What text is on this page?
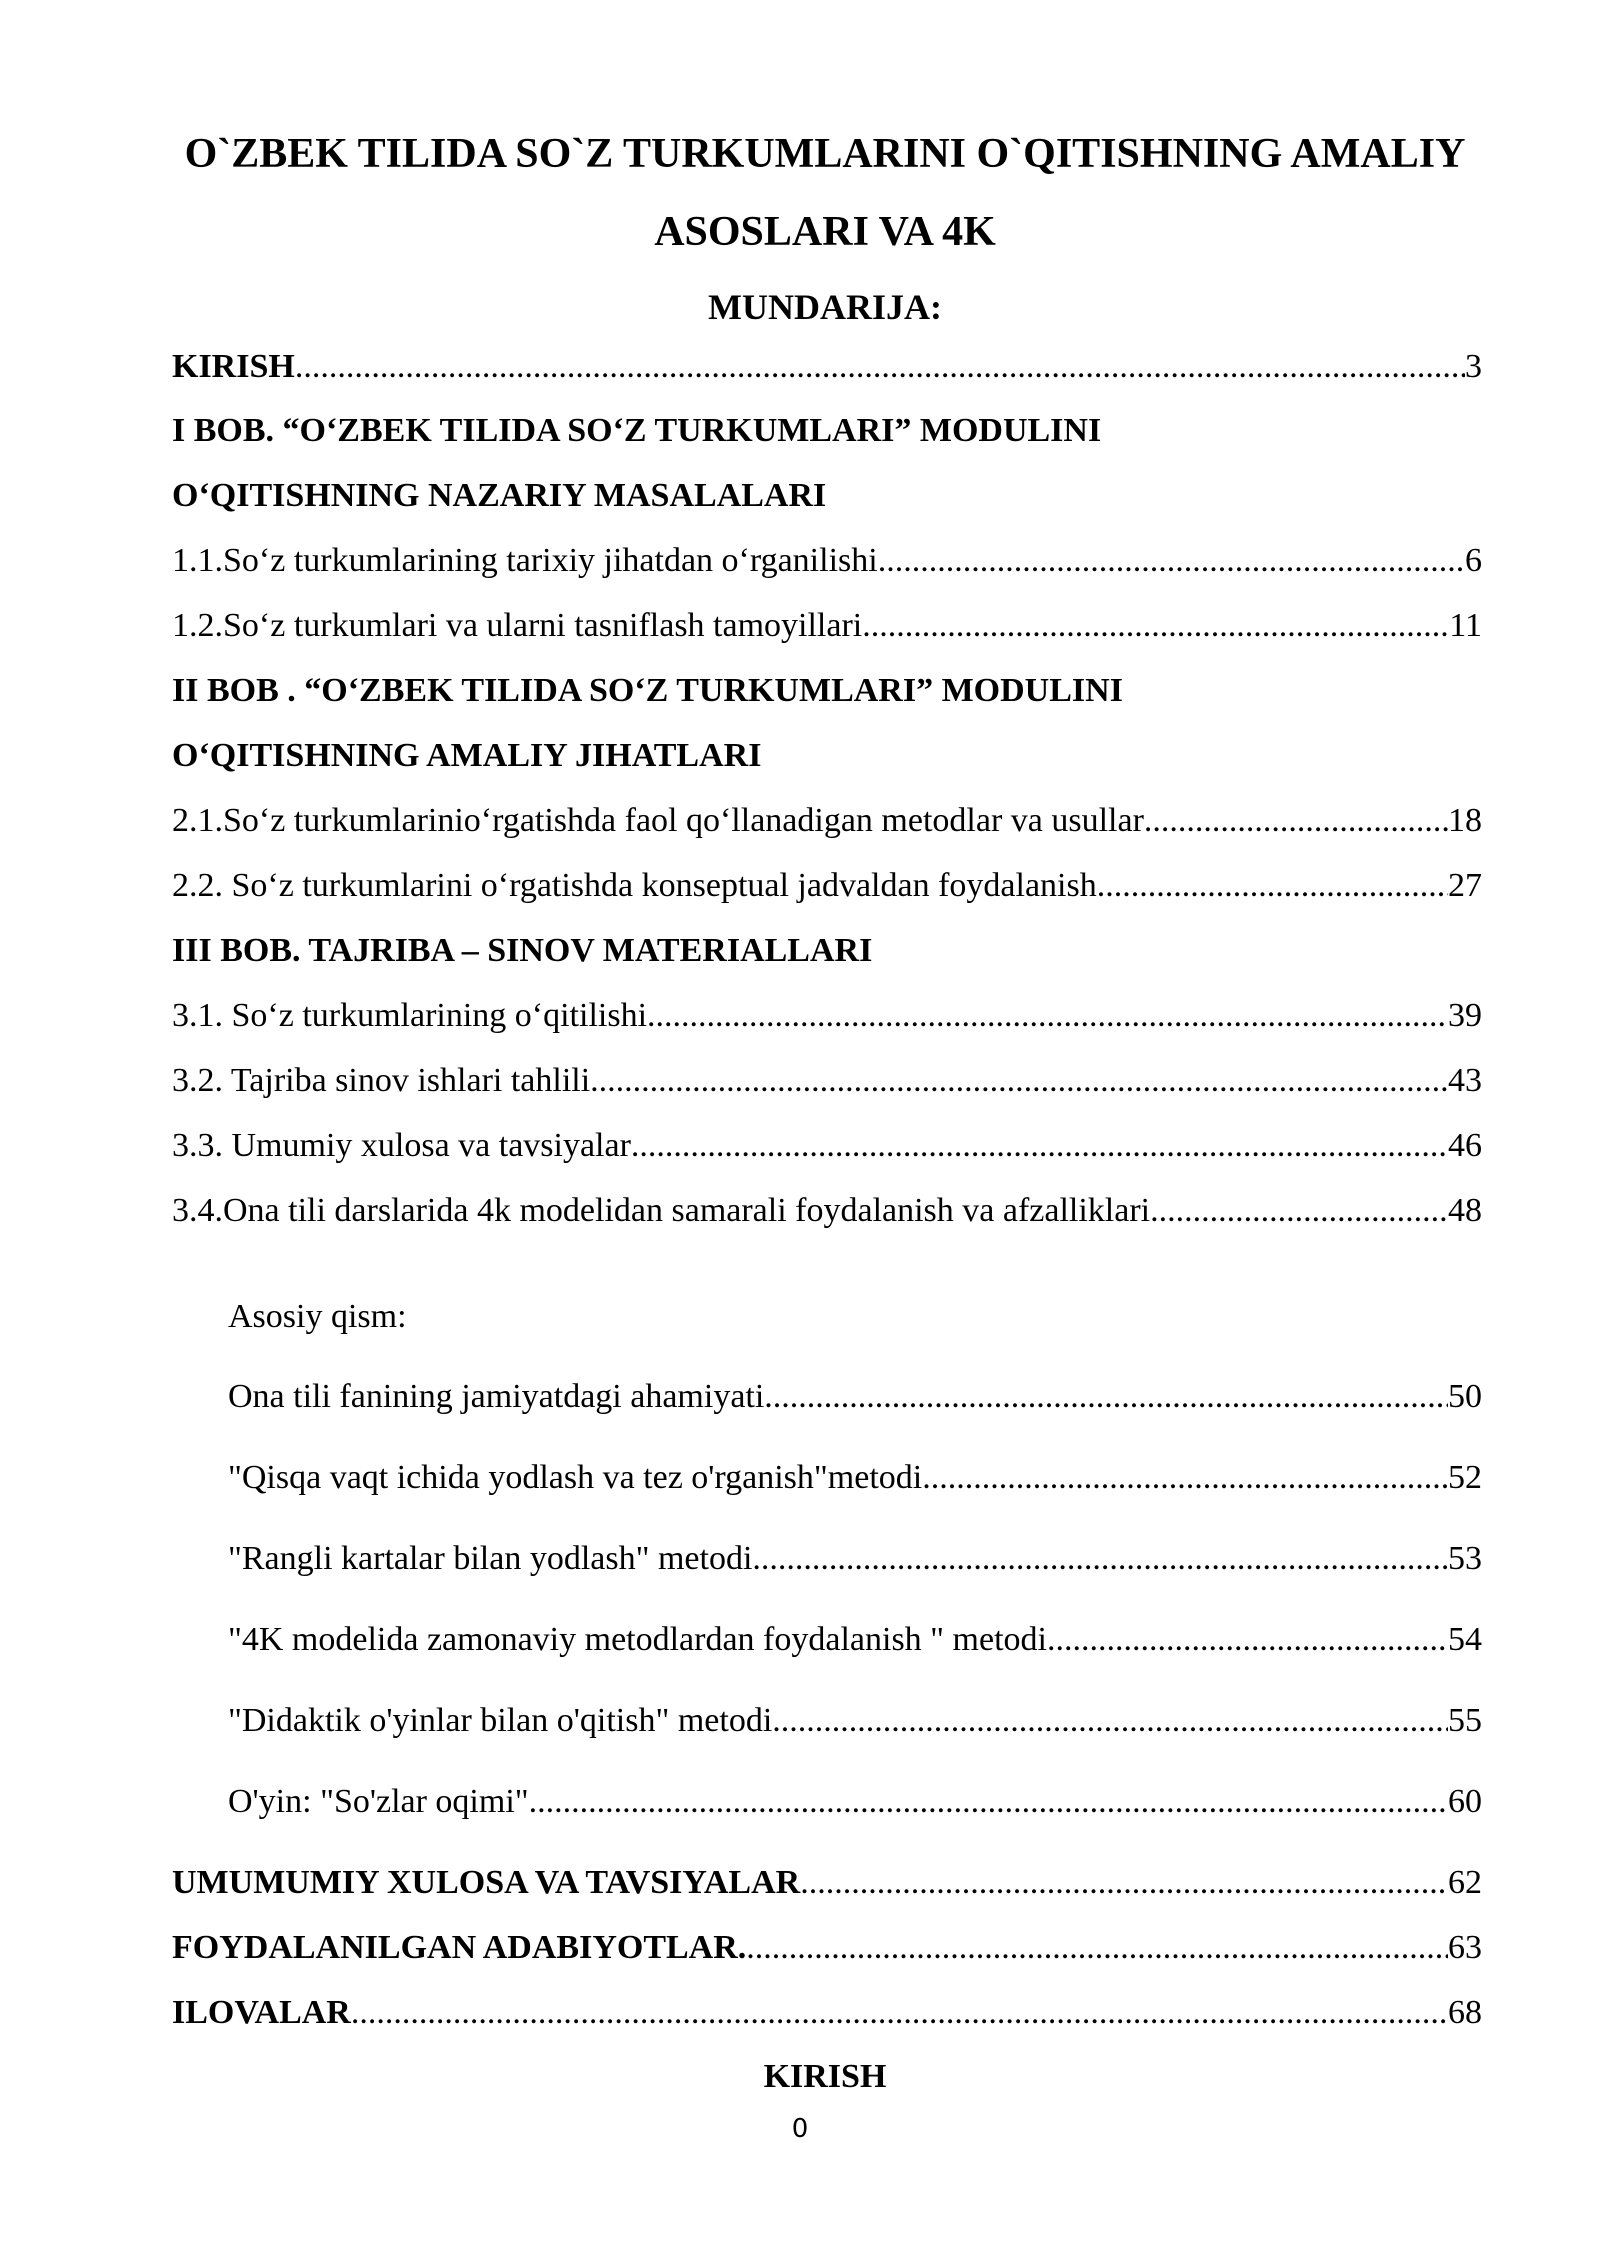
O`ZBEK TILIDA SO`Z TURKUMLARINI O`QITISHNING AMALIY
ASOSLARI VA 4K
MUNDARIJA:
KIRISH .....	3
I BOB. “O‘ZBEK TILIDA SO‘Z TURKUMLARI” MODULINI
O‘QITISHNING NAZARIY MASALALARI
1.1.So‘z turkumlarining tarixiy jihatdan o‘rganilishi .....	6
1.2.So‘z turkumlari va ularni tasniflash tamoyillari .....	11
II BOB . “O‘ZBEK TILIDA SO‘Z TURKUMLARI” MODULINI
O‘QITISHNING AMALIY JIHATLARI
2.1.So‘z turkumlarinio‘rgatishda faol qo‘llanadigan metodlar va usullar .....	18
2.2. So‘z turkumlarini o‘rgatishda konseptual jadvaldan foydalanish .....	27
III BOB. TAJRIBA – SINOV MATERIALLARI
3.1. So‘z turkumlarining o‘qitilishi .....	39
3.2. Tajriba sinov ishlari tahlili .....	43
3.3. Umumiy xulosa va tavsiyalar .....	46
3.4.Ona tili darslarida 4k modelidan samarali foydalanish va afzalliklari .....	48
Asosiy qism:
Ona tili fanining jamiyatdagi ahamiyati .....	50
"Qisqa vaqt ichida yodlash va tez o'rganish"metodi .....	52
"Rangli kartalar bilan yodlash" metodi .....	53
"4K modelida zamonaviy metodlardan foydalanish " metodi .....	54
"Didaktik o'yinlar bilan o'qitish" metodi .....	55
O'yin: "So'zlar oqimi" .....	60
UMUMUMIY XULOSA VA TAVSIYALAR .....	62
FOYDALANILGAN ADABIYOTLAR. .....	63
ILOVALAR .....	68
KIRISH
0
